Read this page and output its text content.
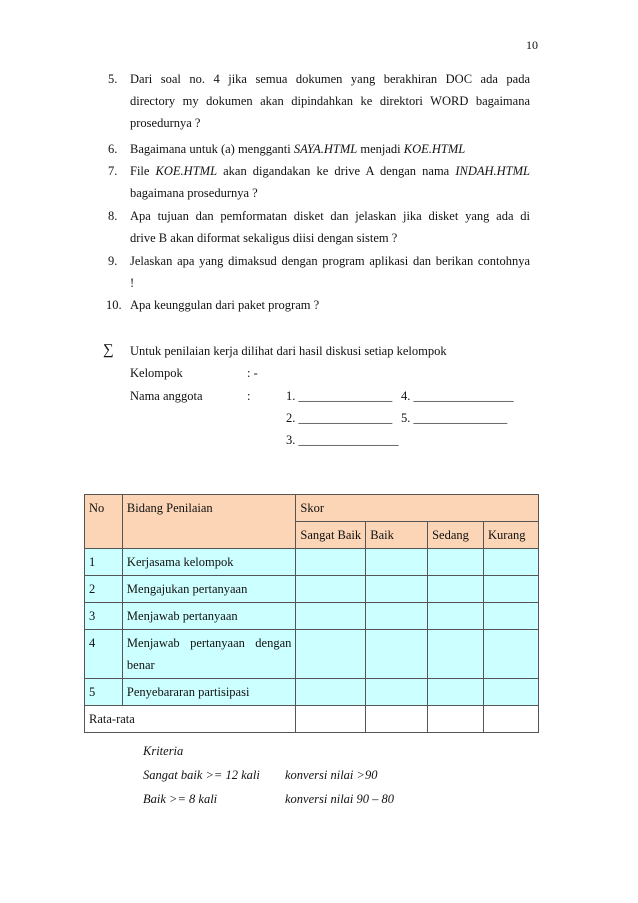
10
5. Dari soal no. 4 jika semua dokumen yang berakhiran DOC ada pada
directory my dokumen akan dipindahkan ke direktori WORD bagaimana
prosedurnya ?
6. Bagaimana untuk (a) mengganti SAYA.HTML menjadi KOE.HTML
7. File KOE.HTML akan digandakan ke drive A dengan nama INDAH.HTML
bagaimana prosedurnya ?
8. Apa tujuan dan pemformatan disket dan jelaskan jika disket yang ada di
drive B akan diformat sekaligus diisi dengan sistem ?
9. Jelaskan apa yang dimaksud dengan program aplikasi dan berikan contohnya
!
10. Apa keunggulan dari paket program ?
∑ Untuk penilaian kerja dilihat dari hasil diskusi setiap kelompok
Kelompok	: -
Nama anggota	:	1. _______________ 4. ________________
2. _______________ 5. _______________
3. ________________
No	Bidang Penilaian	Skor			
		Sangat Baik	Baik	Sedang	Kurang
1	Kerjasama kelompok				
2	Mengajukan pertanyaan				
3	Menjawab pertanyaan				
4	Menjawab pertanyaan dengan
benar				

5	Penyebararan partisipasi				
Rata-rata					
Kriteria
Sangat baik >= 12 kali konversi nilai >90
Baik >= 8 kali	konversi nilai 90 – 80
